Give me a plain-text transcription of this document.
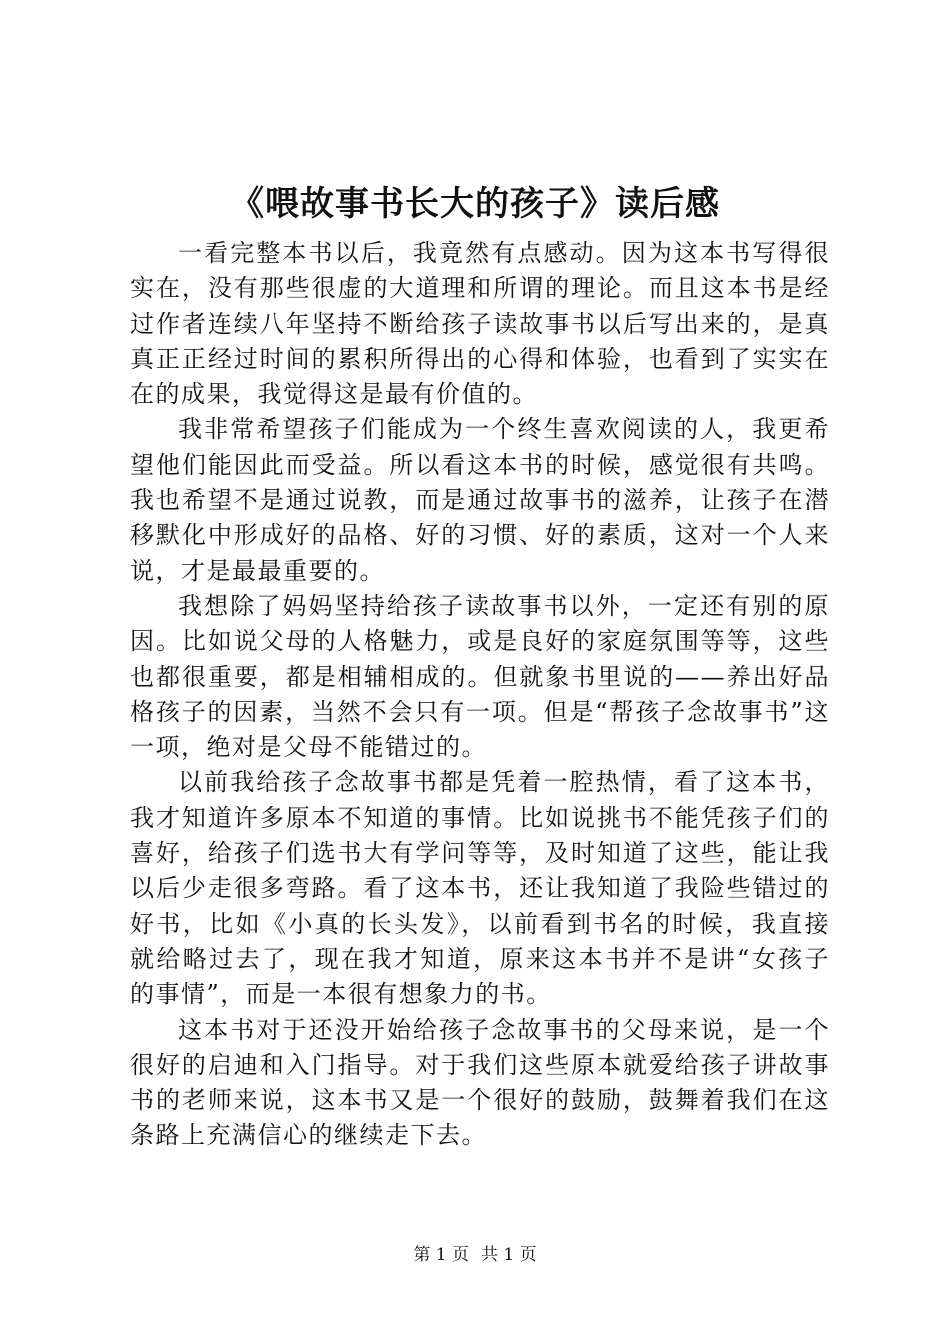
《喂故事书长大的孩子》读后感

一看完整本书以后，我竟然有点感动。因为这本书写得很实在，没有那些很虚的大道理和所谓的理论。而且这本书是经过作者连续八年坚持不断给孩子读故事书以后写出来的，是真真正正经过时间的累积所得出的心得和体验，也看到了实实在在的成果，我觉得这是最有价值的。

我非常希望孩子们能成为一个终生喜欢阅读的人，我更希望他们能因此而受益。所以看这本书的时候，感觉很有共鸣。我也希望不是通过说教，而是通过故事书的滋养，让孩子在潜移默化中形成好的品格、好的习惯、好的素质，这对一个人来说，才是最最重要的。

我想除了妈妈坚持给孩子读故事书以外，一定还有别的原因。比如说父母的人格魅力，或是良好的家庭氛围等等，这些也都很重要，都是相辅相成的。但就象书里说的——养出好品格孩子的因素，当然不会只有一项。但是“帮孩子念故事书”这一项，绝对是父母不能错过的。

以前我给孩子念故事书都是凭着一腔热情，看了这本书，我才知道许多原本不知道的事情。比如说挑书不能凭孩子们的喜好，给孩子们选书大有学问等等，及时知道了这些，能让我以后少走很多弯路。看了这本书，还让我知道了我险些错过的好书，比如《小真的长头发》，以前看到书名的时候，我直接就给略过去了，现在我才知道，原来这本书并不是讲“女孩子的事情”，而是一本很有想象力的书。

这本书对于还没开始给孩子念故事书的父母来说，是一个很好的启迪和入门指导。对于我们这些原本就爱给孩子讲故事书的老师来说，这本书又是一个很好的鼓励，鼓舞着我们在这条路上充满信心的继续走下去。

第 1 页 共 1 页
